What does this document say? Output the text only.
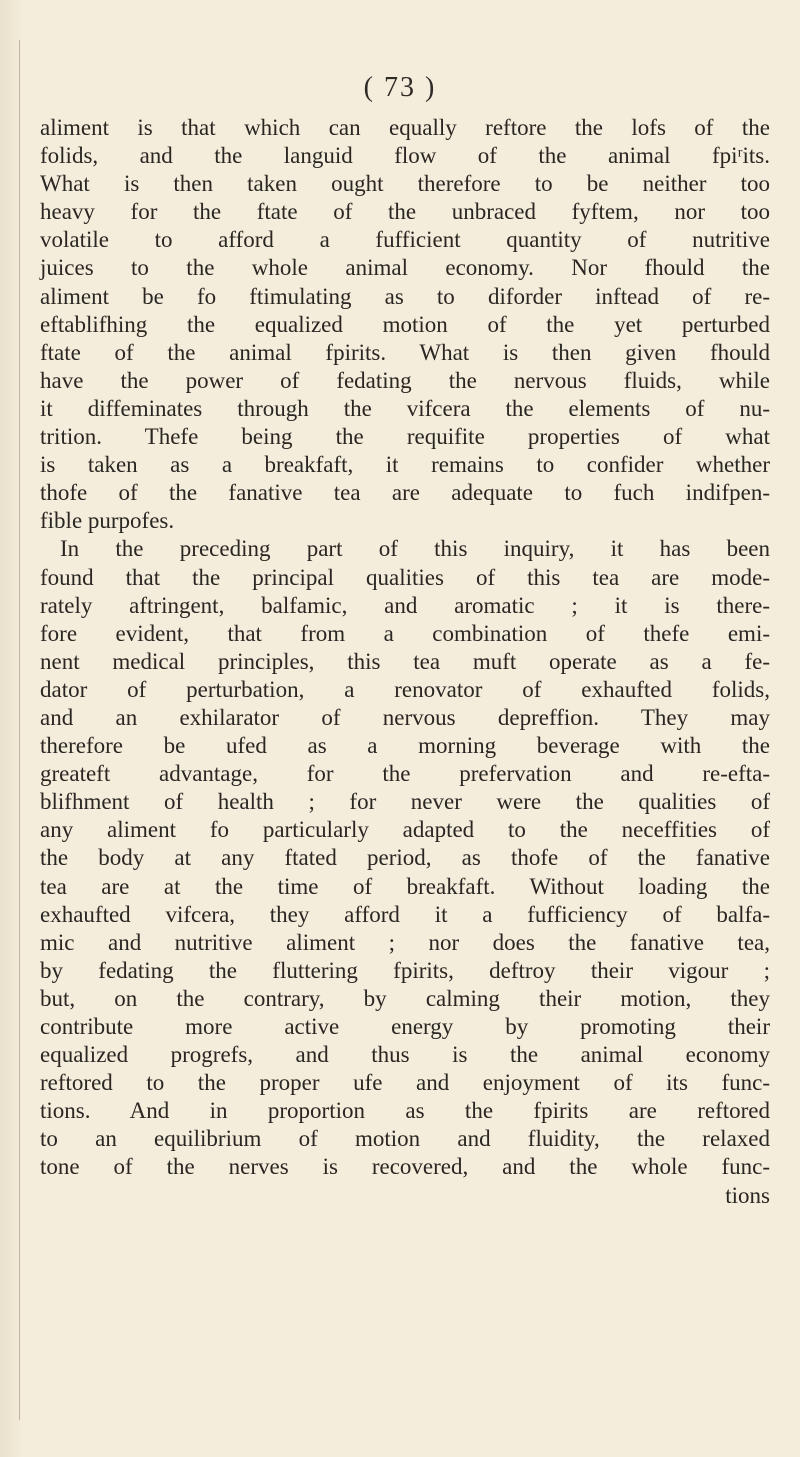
( 73 )
aliment is that which can equally reftore the lofs of the
folids, and the languid flow of the animal fpiʳits.
What is then taken ought therefore to be neither too
heavy for the ftate of the unbraced fyftem, nor too
volatile to afford a fufficient quantity of nutritive
juices to the whole animal economy. Nor fhould the
aliment be fo ftimulating as to diforder inftead of re-
eftablifhing the equalized motion of the yet perturbed
ftate of the animal fpirits. What is then given fhould
have the power of fedating the nervous fluids, while
it diffeminates through the vifcera the elements of nu-
trition. Thefe being the requifite properties of what
is taken as a breakfaft, it remains to confider whether
thofe of the fanative tea are adequate to fuch indifpen-
fible purpofes.
In the preceding part of this inquiry, it has been
found that the principal qualities of this tea are mode-
rately aftringent, balfamic, and aromatic ; it is there-
fore evident, that from a combination of thefe emi-
nent medical principles, this tea muft operate as a fe-
dator of perturbation, a renovator of exhaufted folids,
and an exhilarator of nervous depreffion. They may
therefore be ufed as a morning beverage with the
greateft advantage, for the prefervation and re-efta-
blifhment of health ; for never were the qualities of
any aliment fo particularly adapted to the neceffities of
the body at any ftated period, as thofe of the fanative
tea are at the time of breakfaft. Without loading the
exhaufted vifcera, they afford it a fufficiency of balfa-
mic and nutritive aliment ; nor does the fanative tea,
by fedating the fluttering fpirits, deftroy their vigour ;
but, on the contrary, by calming their motion, they
contribute more active energy by promoting their
equalized progrefs, and thus is the animal economy
reftored to the proper ufe and enjoyment of its func-
tions. And in proportion as the fpirits are reftored
to an equilibrium of motion and fluidity, the relaxed
tone of the nerves is recovered, and the whole func-
tions
